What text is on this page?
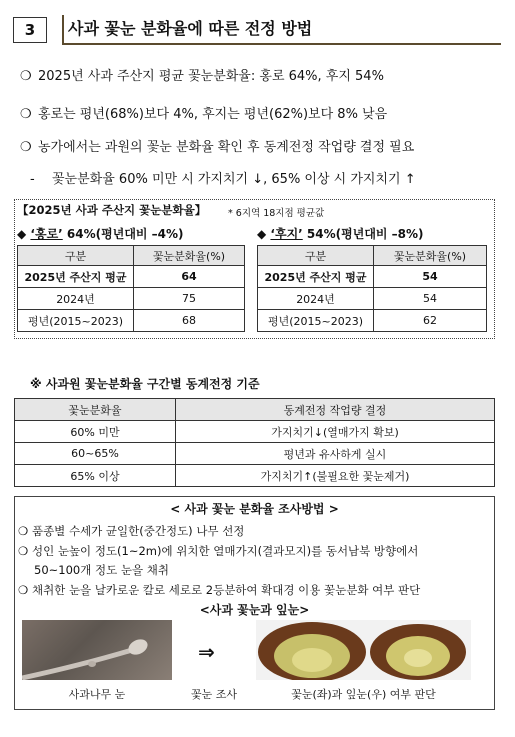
3	사과 꽃눈 분화율에 따른 전정 방법
❍ 2025년 사과 주산지 평균 꽃눈분화율: 홍로 64%, 후지 54%
❍ 홍로는 평년(68%)보다 4%, 후지는 평년(62%)보다 8% 낮음
❍ 농가에서는 과원의 꽃눈 분화율 확인 후 동계전정 작업량 결정 필요
- 꽃눈분화율 60% 미만 시 가지치기 ↓, 65% 이상 시 가지치기 ↑
【2025년 사과 주산지 꽃눈분화율】 * 6지역 18지점 평균값
◆ ‘홍로’ 64%(평년대비 –4%)
구분	꽃눈분화율(%)
2025년 주산지 평균	64
2024년	75
평년(2015~2023)	68
◆ ‘후지’ 54%(평년대비 –8%)
구분	꽃눈분화율(%)
2025년 주산지 평균	54
2024년	54
평년(2015~2023)	62
※ 사과원 꽃눈분화율 구간별 동계전정 기준
꽃눈분화율	동계전정 작업량 결정
60% 미만	가지치기↓(열매가지 확보)
60~65%	평년과 유사하게 실시
65% 이상	가지치기↑(불필요한 꽃눈제거)
< 사과 꽃눈 분화율 조사방법 >
❍ 품종별 수세가 균일한(중간정도) 나무 선정
❍ 성인 눈높이 정도(1~2m)에 위치한 열매가지(결과모지)를 동서남북 방향에서
50~100개 정도 눈을 채취
❍ 채취한 눈을 날카로운 칼로 세로로 2등분하여 확대경 이용 꽃눈분화 여부 판단
<사과 꽃눈과 잎눈>
⇒
사과나무 눈	꽃눈 조사	꽃눈(좌)과 잎눈(우) 여부 판단
